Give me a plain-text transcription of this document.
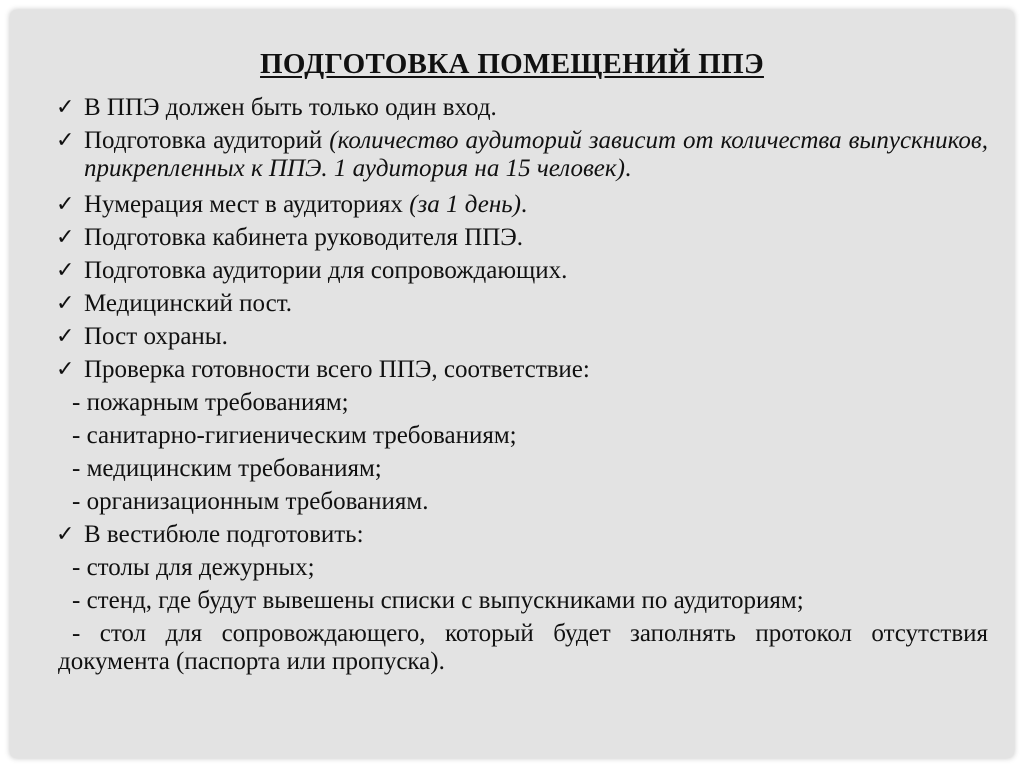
ПОДГОТОВКА ПОМЕЩЕНИЙ ППЭ
✓ В ППЭ должен быть только один вход.
✓ Подготовка аудиторий (количество аудиторий зависит от количества выпускников, прикрепленных к ППЭ. 1 аудитория на 15 человек).
✓ Нумерация мест в аудиториях (за 1 день).
✓ Подготовка кабинета руководителя ППЭ.
✓ Подготовка аудитории для сопровождающих.
✓ Медицинский пост.
✓ Пост охраны.
✓ Проверка готовности всего ППЭ, соответствие:
- пожарным требованиям;
- санитарно-гигиеническим требованиям;
- медицинским требованиям;
- организационным требованиям.
✓ В вестибюле подготовить:
- столы для дежурных;
- стенд, где будут вывешены списки с выпускниками по аудиториям;
- стол для сопровождающего, который будет заполнять протокол отсутствия документа (паспорта или пропуска).
